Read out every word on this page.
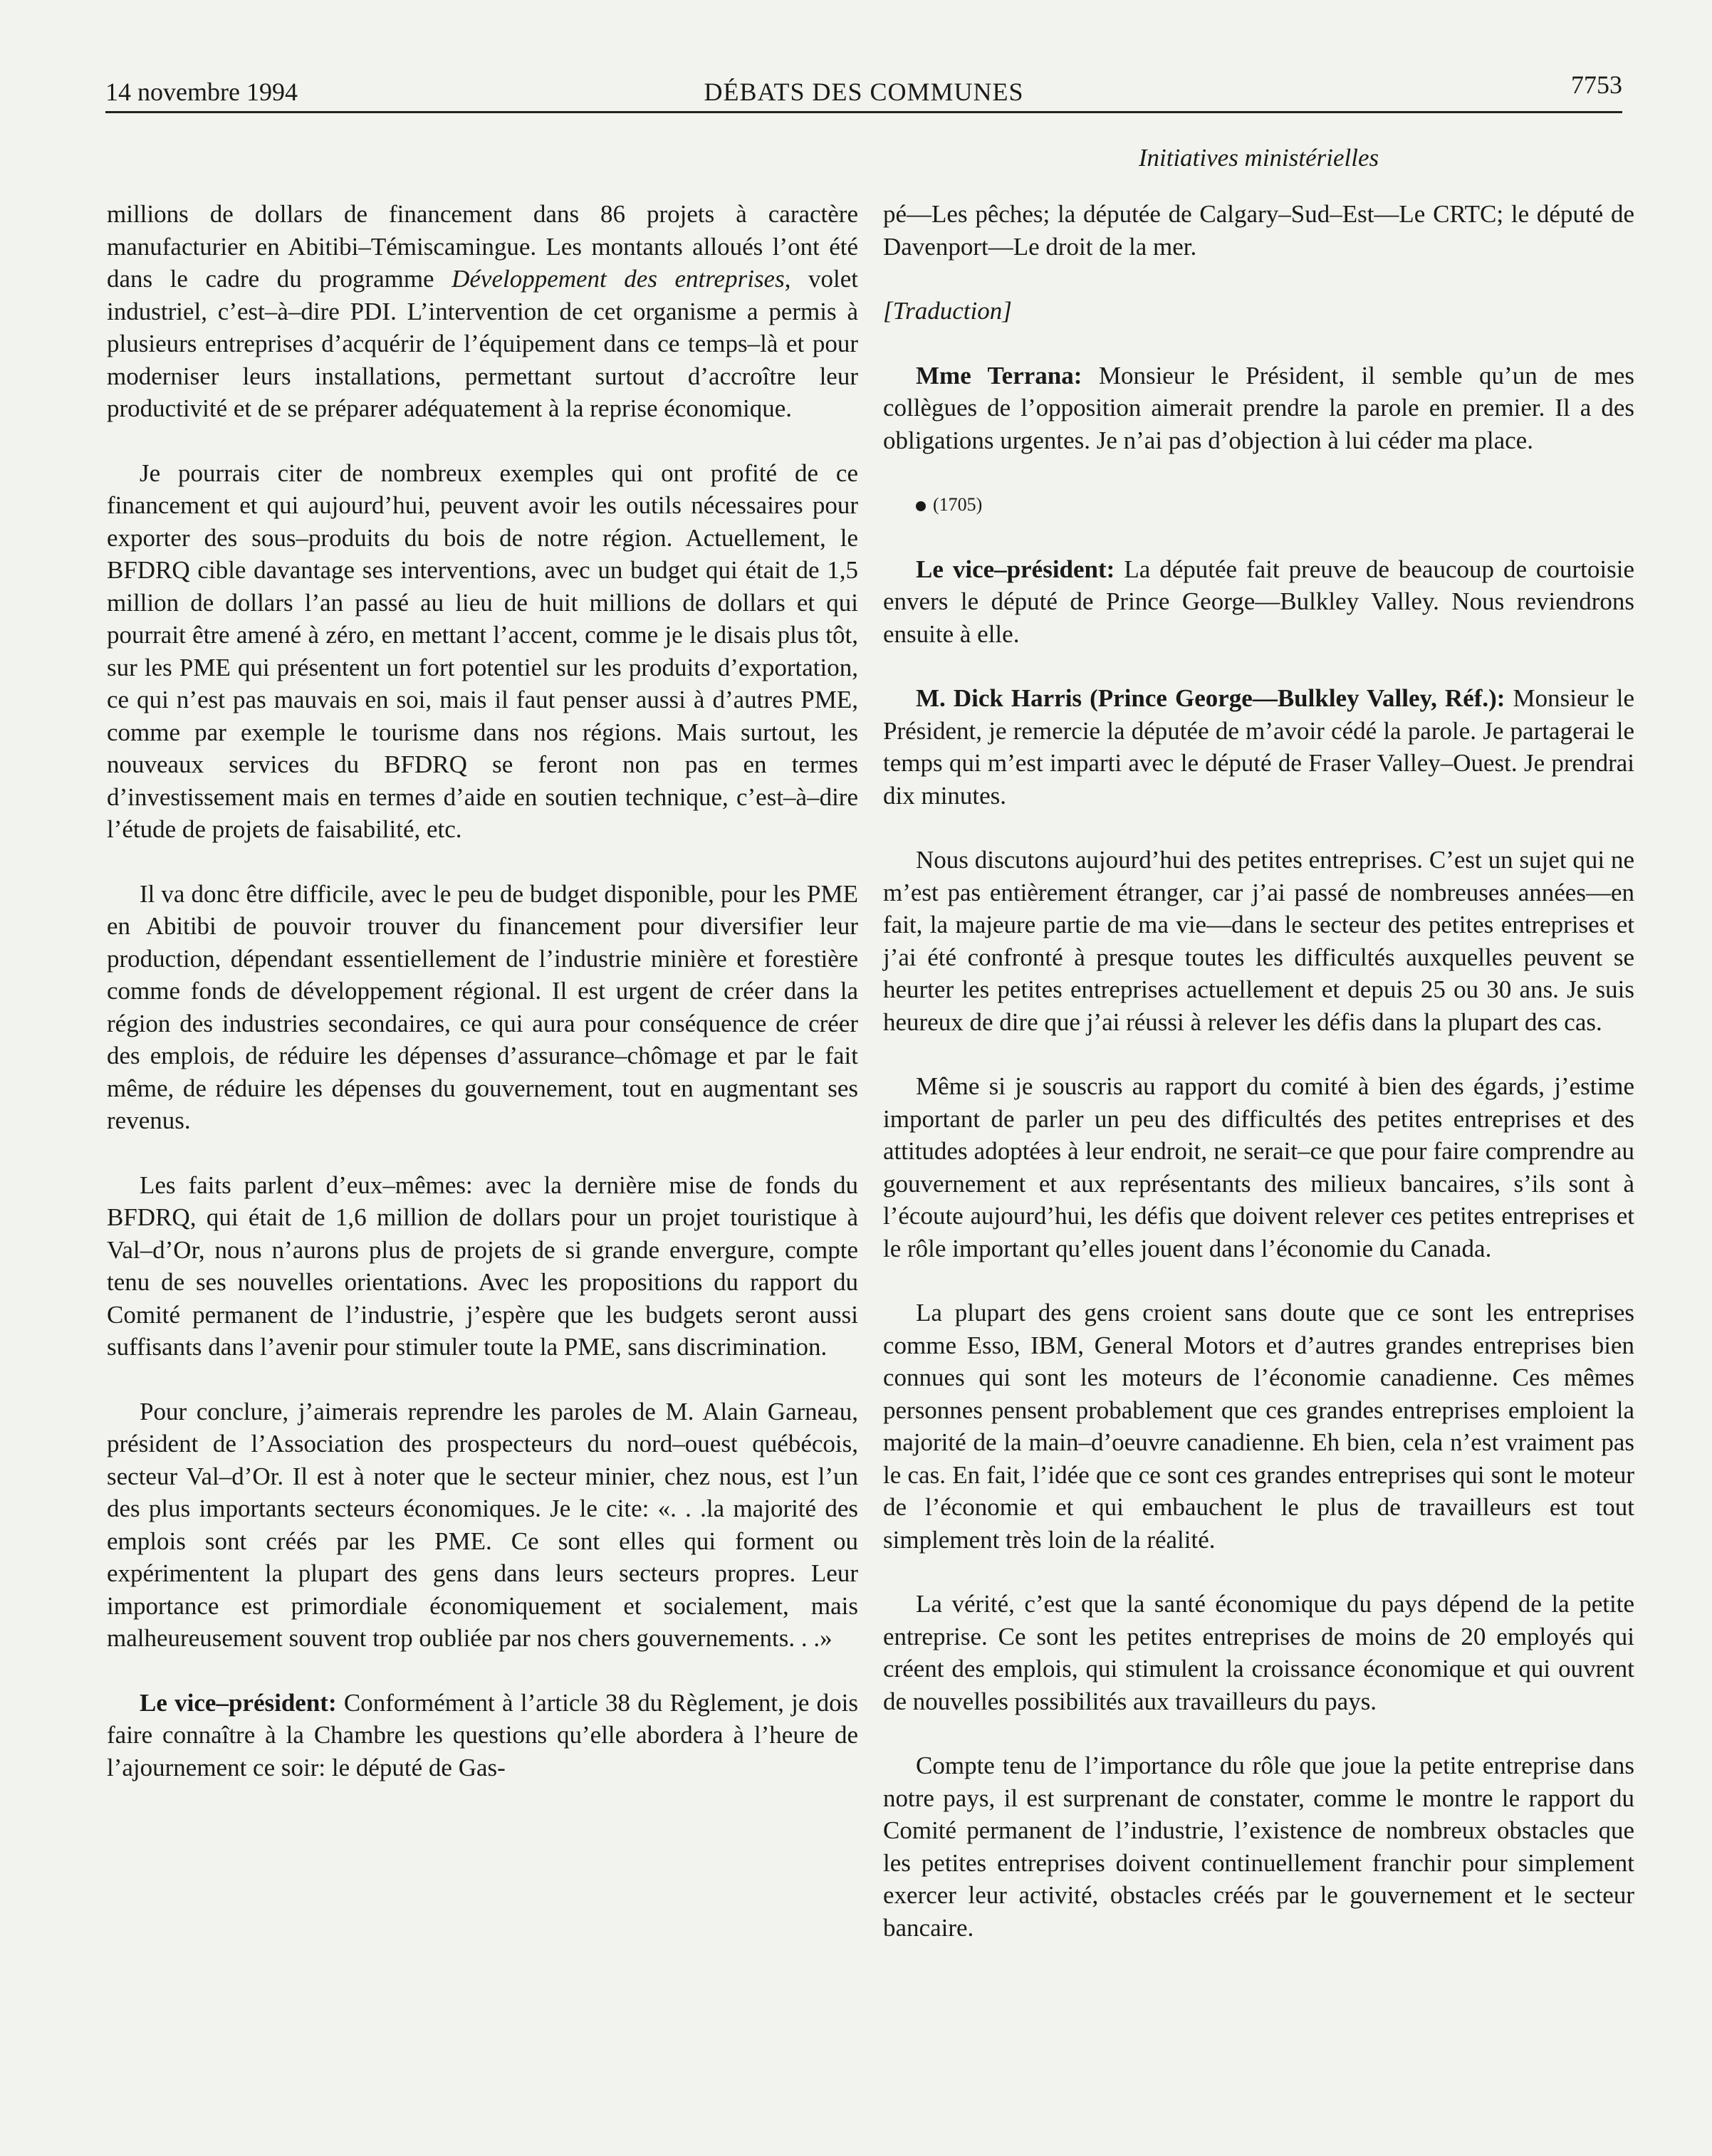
14 novembre 1994	DÉBATS DES COMMUNES	7753
Initiatives ministérielles

millions de dollars de financement dans 86 projets à caractère manufacturier en Abitibi–Témiscamingue. Les montants alloués l’ont été dans le cadre du programme Développement des entreprises, volet industriel, c’est–à–dire PDI. L’intervention de cet organisme a permis à plusieurs entreprises d’acquérir de l’équipement dans ce temps–là et pour moderniser leurs installations, permettant surtout d’accroître leur productivité et de se préparer adéquatement à la reprise économique.

Je pourrais citer de nombreux exemples qui ont profité de ce financement et qui aujourd’hui, peuvent avoir les outils nécessaires pour exporter des sous–produits du bois de notre région. Actuellement, le BFDRQ cible davantage ses interventions, avec un budget qui était de 1,5 million de dollars l’an passé au lieu de huit millions de dollars et qui pourrait être amené à zéro, en mettant l’accent, comme je le disais plus tôt, sur les PME qui présentent un fort potentiel sur les produits d’exportation, ce qui n’est pas mauvais en soi, mais il faut penser aussi à d’autres PME, comme par exemple le tourisme dans nos régions. Mais surtout, les nouveaux services du BFDRQ se feront non pas en termes d’investissement mais en termes d’aide en soutien technique, c’est–à–dire l’étude de projets de faisabilité, etc.

Il va donc être difficile, avec le peu de budget disponible, pour les PME en Abitibi de pouvoir trouver du financement pour diversifier leur production, dépendant essentiellement de l’industrie minière et forestière comme fonds de développement régional. Il est urgent de créer dans la région des industries secondaires, ce qui aura pour conséquence de créer des emplois, de réduire les dépenses d’assurance–chômage et par le fait même, de réduire les dépenses du gouvernement, tout en augmentant ses revenus.

Les faits parlent d’eux–mêmes: avec la dernière mise de fonds du BFDRQ, qui était de 1,6 million de dollars pour un projet touristique à Val–d’Or, nous n’aurons plus de projets de si grande envergure, compte tenu de ses nouvelles orientations. Avec les propositions du rapport du Comité permanent de l’industrie, j’espère que les budgets seront aussi suffisants dans l’avenir pour stimuler toute la PME, sans discrimination.

Pour conclure, j’aimerais reprendre les paroles de M. Alain Garneau, président de l’Association des prospecteurs du nord–ouest québécois, secteur Val–d’Or. Il est à noter que le secteur minier, chez nous, est l’un des plus importants secteurs économiques. Je le cite: «. . .la majorité des emplois sont créés par les PME. Ce sont elles qui forment ou expérimentent la plupart des gens dans leurs secteurs propres. Leur importance est primordiale économiquement et socialement, mais malheureusement souvent trop oubliée par nos chers gouvernements. . .»

Le vice–président: Conformément à l’article 38 du Règlement, je dois faire connaître à la Chambre les questions qu’elle abordera à l’heure de l’ajournement ce soir: le député de Gas-

pé—Les pêches; la députée de Calgary–Sud–Est—Le CRTC; le député de Davenport—Le droit de la mer.

[Traduction]

Mme Terrana: Monsieur le Président, il semble qu’un de mes collègues de l’opposition aimerait prendre la parole en premier. Il a des obligations urgentes. Je n’ai pas d’objection à lui céder ma place.

(1705)

Le vice–président: La députée fait preuve de beaucoup de courtoisie envers le député de Prince George—Bulkley Valley. Nous reviendrons ensuite à elle.

M. Dick Harris (Prince George—Bulkley Valley, Réf.): Monsieur le Président, je remercie la députée de m’avoir cédé la parole. Je partagerai le temps qui m’est imparti avec le député de Fraser Valley–Ouest. Je prendrai dix minutes.

Nous discutons aujourd’hui des petites entreprises. C’est un sujet qui ne m’est pas entièrement étranger, car j’ai passé de nombreuses années—en fait, la majeure partie de ma vie—dans le secteur des petites entreprises et j’ai été confronté à presque toutes les difficultés auxquelles peuvent se heurter les petites entreprises actuellement et depuis 25 ou 30 ans. Je suis heureux de dire que j’ai réussi à relever les défis dans la plupart des cas.

Même si je souscris au rapport du comité à bien des égards, j’estime important de parler un peu des difficultés des petites entreprises et des attitudes adoptées à leur endroit, ne serait–ce que pour faire comprendre au gouvernement et aux représentants des milieux bancaires, s’ils sont à l’écoute aujourd’hui, les défis que doivent relever ces petites entreprises et le rôle important qu’elles jouent dans l’économie du Canada.

La plupart des gens croient sans doute que ce sont les entreprises comme Esso, IBM, General Motors et d’autres grandes entreprises bien connues qui sont les moteurs de l’économie canadienne. Ces mêmes personnes pensent probablement que ces grandes entreprises emploient la majorité de la main–d’oeuvre canadienne. Eh bien, cela n’est vraiment pas le cas. En fait, l’idée que ce sont ces grandes entreprises qui sont le moteur de l’économie et qui embauchent le plus de travailleurs est tout simplement très loin de la réalité.

La vérité, c’est que la santé économique du pays dépend de la petite entreprise. Ce sont les petites entreprises de moins de 20 employés qui créent des emplois, qui stimulent la croissance économique et qui ouvrent de nouvelles possibilités aux travailleurs du pays.

Compte tenu de l’importance du rôle que joue la petite entreprise dans notre pays, il est surprenant de constater, comme le montre le rapport du Comité permanent de l’industrie, l’existence de nombreux obstacles que les petites entreprises doivent continuellement franchir pour simplement exercer leur activité, obstacles créés par le gouvernement et le secteur bancaire.
